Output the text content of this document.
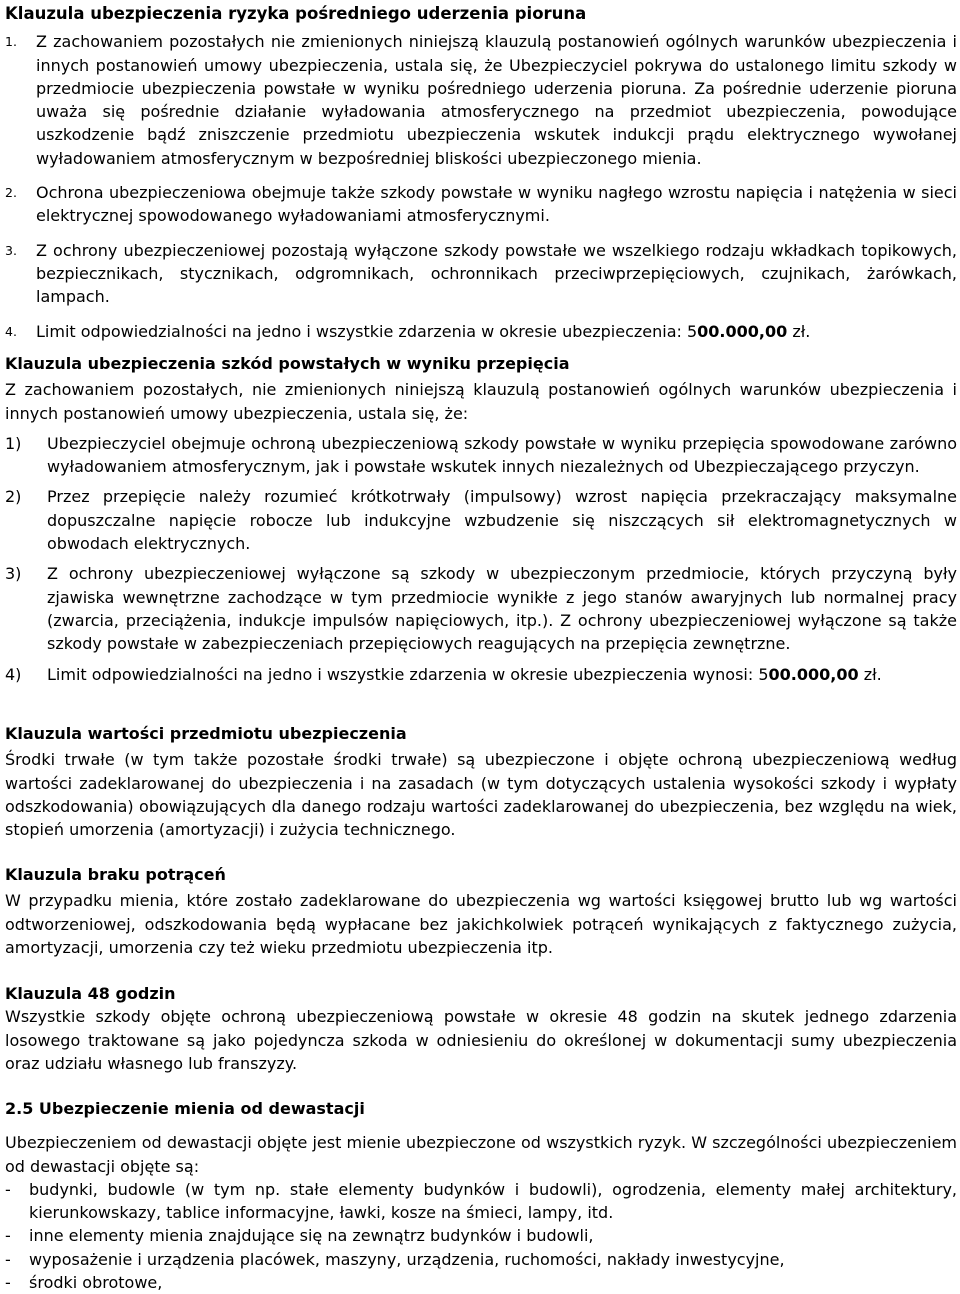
Klauzula ubezpieczenia ryzyka pośredniego uderzenia pioruna
1. Z zachowaniem pozostałych nie zmienionych niniejszą klauzulą postanowień ogólnych warunków ubezpieczenia i innych postanowień umowy ubezpieczenia, ustala się, że Ubezpieczyciel pokrywa do ustalonego limitu szkody w przedmiocie ubezpieczenia powstałe w wyniku pośredniego uderzenia pioruna. Za pośrednie uderzenie pioruna uważa się pośrednie działanie wyładowania atmosferycznego na przedmiot ubezpieczenia, powodujące uszkodzenie bądź zniszczenie przedmiotu ubezpieczenia wskutek indukcji prądu elektrycznego wywołanej wyładowaniem atmosferycznym w bezpośredniej bliskości ubezpieczonego mienia.
2. Ochrona ubezpieczeniowa obejmuje także szkody powstałe w wyniku nagłego wzrostu napięcia i natężenia w sieci elektrycznej spowodowanego wyładowaniami atmosferycznymi.
3. Z ochrony ubezpieczeniowej pozostają wyłączone szkody powstałe we wszelkiego rodzaju wkładkach topikowych, bezpiecznikach, stycznikach, odgromnikach, ochronnikach przeciwprzepięciowych, czujnikach, żarówkach, lampach.
4. Limit odpowiedzialności na jedno i wszystkie zdarzenia w okresie ubezpieczenia: 500.000,00 zł.
Klauzula ubezpieczenia szkód powstałych w wyniku przepięcia

Z zachowaniem pozostałych, nie zmienionych niniejszą klauzulą postanowień ogólnych warunków ubezpieczenia i innych postanowień umowy ubezpieczenia, ustala się, że:

1) Ubezpieczyciel obejmuje ochroną ubezpieczeniową szkody powstałe w wyniku przepięcia spowodowane zarówno wyładowaniem atmosferycznym, jak i powstałe wskutek innych niezależnych od Ubezpieczającego przyczyn.
2) Przez przepięcie należy rozumieć krótkotrwały (impulsowy) wzrost napięcia przekraczający maksymalne dopuszczalne napięcie robocze lub indukcyjne wzbudzenie się niszczących sił elektromagnetycznych w obwodach elektrycznych.
3) Z ochrony ubezpieczeniowej wyłączone są szkody w ubezpieczonym przedmiocie, których przyczyną były zjawiska wewnętrzne zachodzące w tym przedmiocie wynikłe z jego stanów awaryjnych lub normalnej pracy (zwarcia, przeciążenia, indukcje impulsów napięciowych, itp.). Z ochrony ubezpieczeniowej wyłączone są także szkody powstałe w zabezpieczeniach przepięciowych reagujących na przepięcia zewnętrzne.
4) Limit odpowiedzialności na jedno i wszystkie zdarzenia w okresie ubezpieczenia wynosi: 500.000,00 zł.
Klauzula wartości przedmiotu ubezpieczenia

Środki trwałe (w tym także pozostałe środki trwałe) są ubezpieczone i objęte ochroną ubezpieczeniową według wartości zadeklarowanej do ubezpieczenia i na zasadach (w tym dotyczących ustalenia wysokości szkody i wypłaty odszkodowania) obowiązujących dla danego rodzaju wartości zadeklarowanej do ubezpieczenia, bez względu na wiek, stopień umorzenia (amortyzacji) i zużycia technicznego.

Klauzula braku potrąceń

W przypadku mienia, które zostało zadeklarowane do ubezpieczenia wg wartości księgowej brutto lub wg wartości odtworzeniowej, odszkodowania będą wypłacane bez jakichkolwiek potrąceń wynikających z faktycznego zużycia, amortyzacji, umorzenia czy też wieku przedmiotu ubezpieczenia itp.

Klauzula 48 godzin

Wszystkie szkody objęte ochroną ubezpieczeniową powstałe w okresie 48 godzin na skutek jednego zdarzenia losowego traktowane są jako pojedyncza szkoda w odniesieniu do określonej w dokumentacji sumy ubezpieczenia oraz udziału własnego lub franszyzy.

2.5 Ubezpieczenie mienia od dewastacji

Ubezpieczeniem od dewastacji objęte jest mienie ubezpieczone od wszystkich ryzyk. W szczególności ubezpieczeniem od dewastacji objęte są:

- budynki, budowle (w tym np. stałe elementy budynków i budowli), ogrodzenia, elementy małej architektury, kierunkowskazy, tablice informacyjne, ławki, kosze na śmieci, lampy, itd.
- inne elementy mienia znajdujące się na zewnątrz budynków i budowli,
- wyposażenie i urządzenia placówek, maszyny, urządzenia, ruchomości, nakłady inwestycyjne,
- środki obrotowe,
